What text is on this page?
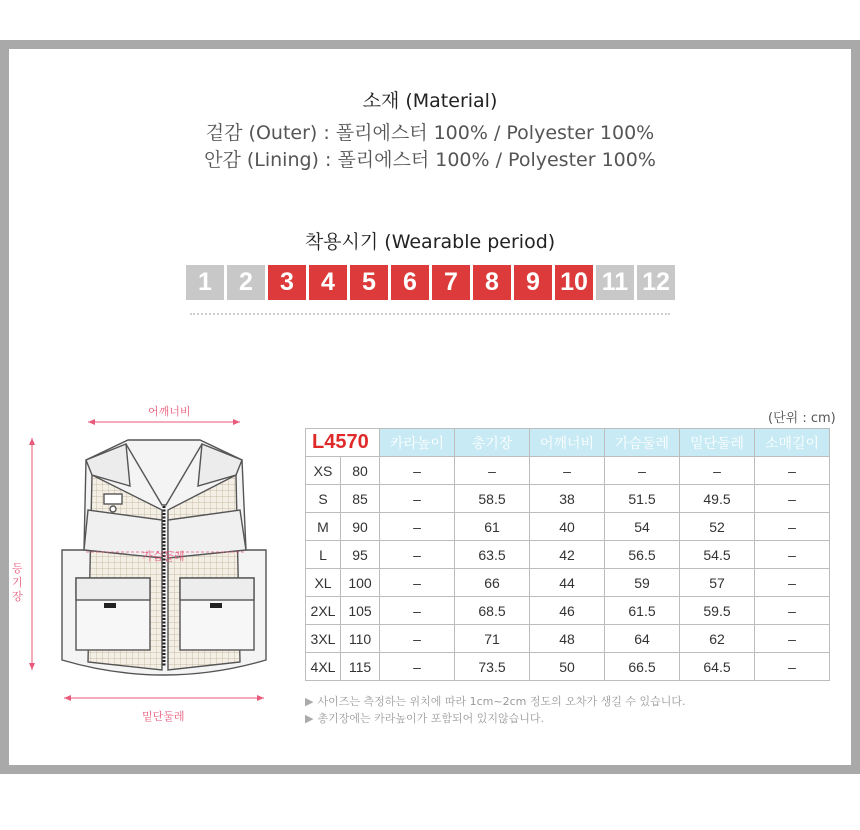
소재 (Material)
겉감 (Outer) : 폴리에스터 100% / Polyester 100%
안감 (Lining) : 폴리에스터 100% / Polyester 100%
착용시기 (Wearable period)
1	2	3	4	5	6	7	8	9 10 11 12
어깨너비
등
기
장
밑단둘레
가슴둘레
(단위 : cm)
L4570		카라높이	총기장	어깨너비	가슴둘레	밑단둘레	소매길이
XS	80	–	–	–	–	–	–
S	85	–	58.5	38	51.5	49.5	–
M	90	–	61	40	54	52	–
L	95	–	63.5	42	56.5	54.5	–
XL	100	–	66	44	59	57	–
2XL	105	–	68.5	46	61.5	59.5	–
3XL	110	–	71	48	64	62	–
4XL	115	–	73.5	50	66.5	64.5	–
▶ 사이즈는 측정하는 위치에 따라 1cm~2cm 정도의 오차가 생길 수 있습니다.
▶ 총기장에는 카라높이가 포함되어 있지않습니다.
